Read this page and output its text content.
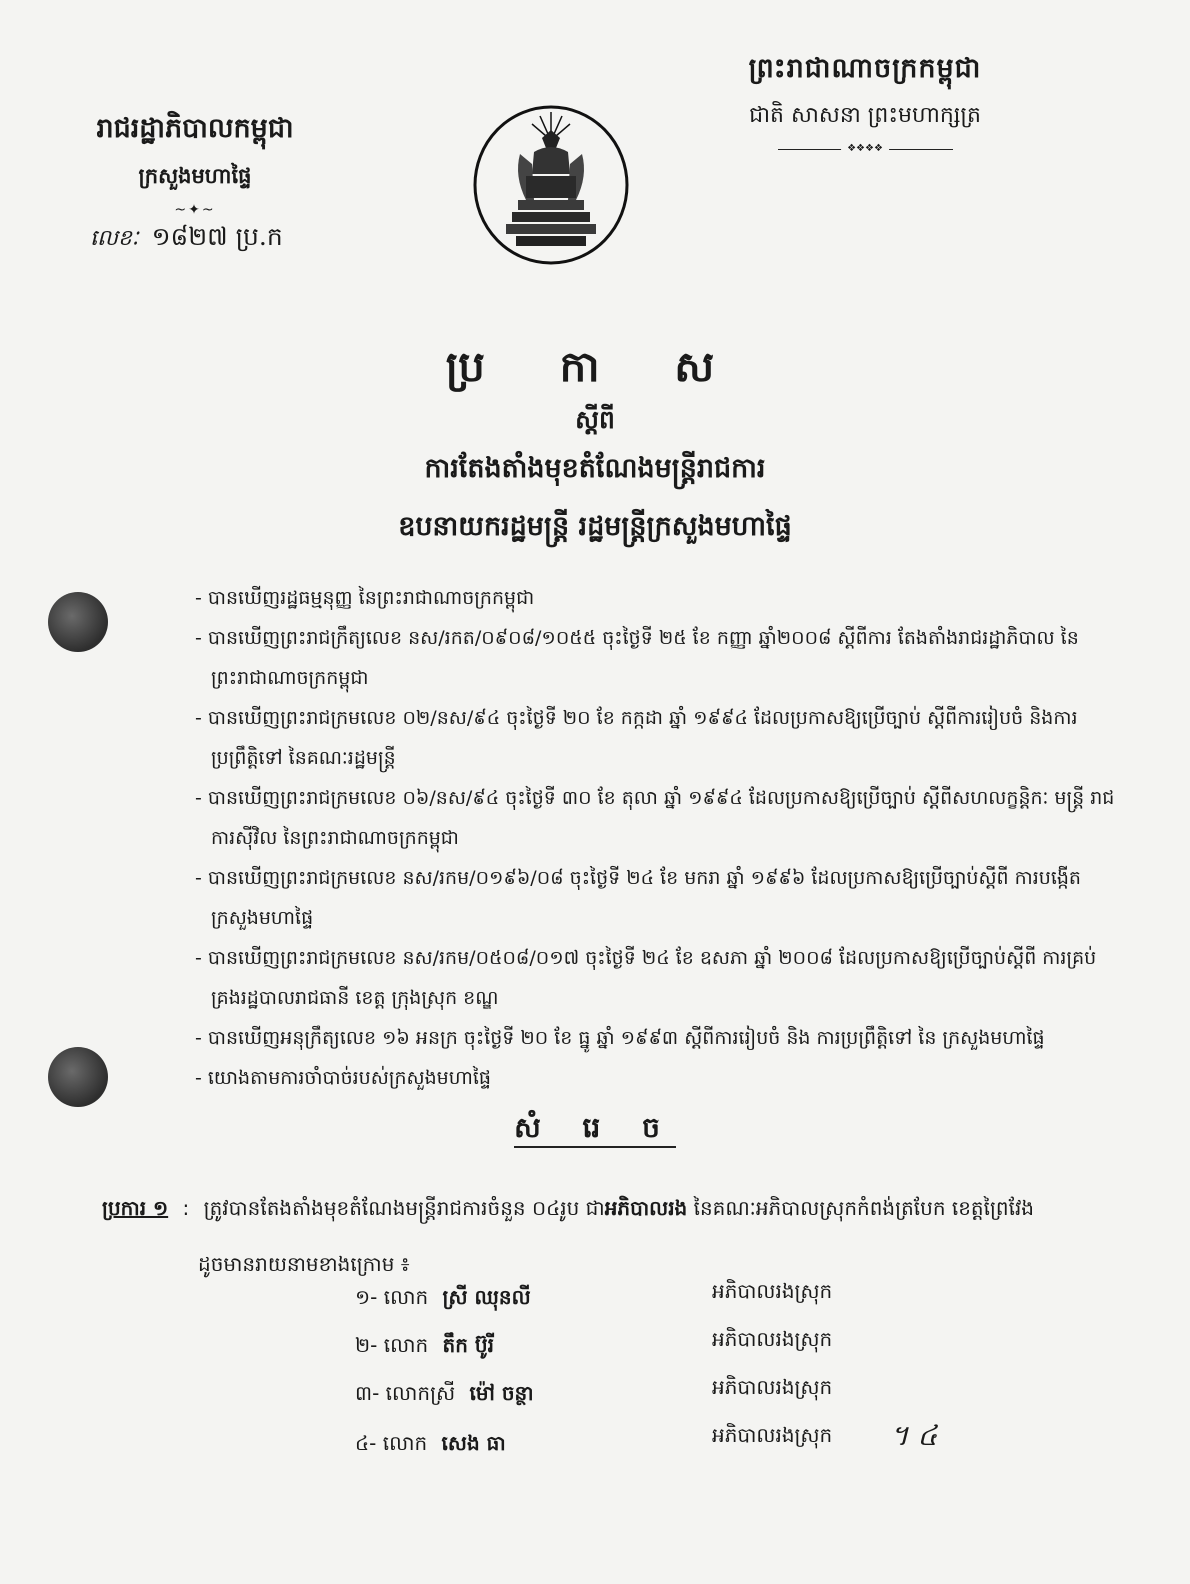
ព្រះរាជាណាចក្រកម្ពុជា
ជាតិ សាសនា ព្រះមហាក្សត្រ
❖❖❖❖
រាជរដ្ឋាភិបាលកម្ពុជា
ក្រសួងមហាផ្ទៃ
~✦~
លេខៈ ១៨២៧ ប្រ.ក
ប្រ កា ស
ស្តីពី
ការតែងតាំងមុខតំណែងមន្ត្រីរាជការ
ឧបនាយករដ្ឋមន្ត្រី រដ្ឋមន្ត្រីក្រសួងមហាផ្ទៃ
- បានឃើញរដ្ឋធម្មនុញ្ញ នៃព្រះរាជាណាចក្រកម្ពុជា
- បានឃើញព្រះរាជក្រឹត្យលេខ នស/រកត/០៩០៨/១០៥៥ ចុះថ្ងៃទី ២៥ ខែ កញ្ញា ឆ្នាំ២០០៨ ស្តីពីការ តែងតាំងរាជរដ្ឋាភិបាល នៃព្រះរាជាណាចក្រកម្ពុជា
- បានឃើញព្រះរាជក្រមលេខ ០២/នស/៩៤ ចុះថ្ងៃទី ២០ ខែ កក្កដា ឆ្នាំ ១៩៩៤ ដែលប្រកាសឱ្យប្រើច្បាប់ ស្តីពីការរៀបចំ និងការប្រព្រឹត្តិទៅ នៃគណៈរដ្ឋមន្ត្រី
- បានឃើញព្រះរាជក្រមលេខ ០៦/នស/៩៤ ចុះថ្ងៃទី ៣០ ខែ តុលា ឆ្នាំ ១៩៩៤ ដែលប្រកាសឱ្យប្រើច្បាប់ ស្តីពីសហលក្ខន្តិកៈ មន្ត្រី រាជការស៊ីវិល នៃព្រះរាជាណាចក្រកម្ពុជា
- បានឃើញព្រះរាជក្រមលេខ នស/រកម/០១៩៦/០៨ ចុះថ្ងៃទី ២៤ ខែ មករា ឆ្នាំ ១៩៩៦ ដែលប្រកាសឱ្យប្រើច្បាប់ស្តីពី ការបង្កើតក្រសួងមហាផ្ទៃ
- បានឃើញព្រះរាជក្រមលេខ នស/រកម/០៥០៨/០១៧ ចុះថ្ងៃទី ២៤ ខែ ឧសភា ឆ្នាំ ២០០៨ ដែលប្រកាសឱ្យប្រើច្បាប់ស្តីពី ការគ្រប់គ្រងរដ្ឋបាលរាជធានី ខេត្ត ក្រុងស្រុក ខណ្ឌ
- បានឃើញអនុក្រឹត្យលេខ ១៦ អនក្រ ចុះថ្ងៃទី ២០ ខែ ធ្នូ ឆ្នាំ ១៩៩៣ ស្តីពីការរៀបចំ និង ការប្រព្រឹត្តិទៅ នៃ ក្រសួងមហាផ្ទៃ
- យោងតាមការចាំបាច់របស់ក្រសួងមហាផ្ទៃ
សំ រេ ច
ប្រការ ១ : ត្រូវបានតែងតាំងមុខតំណែងមន្ត្រីរាជការចំនួន ០៤រូប ជាអភិបាលរង នៃគណៈអភិបាលស្រុកកំពង់ត្របែក ខេត្តព្រៃវែង
ដូចមានរាយនាមខាងក្រោម ៖
១- លោក ស្រី ឈុនលី	អភិបាលរងស្រុក
២- លោក តឹក ប៊ូរី	អភិបាលរងស្រុក
៣- លោកស្រី ម៉ៅ ចន្ថា	អភិបាលរងស្រុក
៤- លោក សេង ធា	អភិបាលរងស្រុក ។ ៤
